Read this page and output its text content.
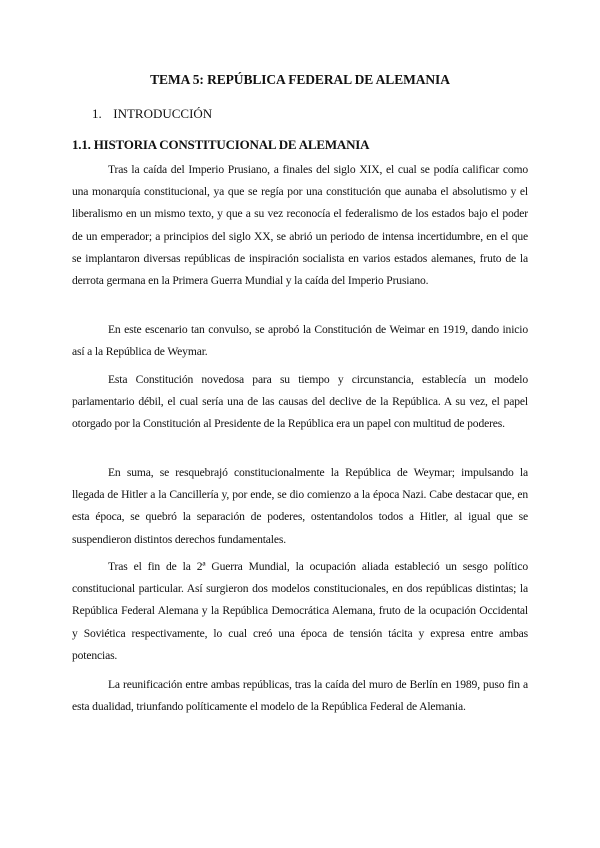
TEMA 5: REPÚBLICA FEDERAL DE ALEMANIA
1. INTRODUCCIÓN
1.1. HISTORIA CONSTITUCIONAL DE ALEMANIA

Tras la caída del Imperio Prusiano, a finales del siglo XIX, el cual se podía calificar como una monarquía constitucional, ya que se regía por una constitución que aunaba el absolutismo y el liberalismo en un mismo texto, y que a su vez reconocía el federalismo de los estados bajo el poder de un emperador; a principios del siglo XX, se abrió un periodo de intensa incertidumbre, en el que se implantaron diversas repúblicas de inspiración socialista en varios estados alemanes, fruto de la derrota germana en la Primera Guerra Mundial y la caída del Imperio Prusiano.

En este escenario tan convulso, se aprobó la Constitución de Weimar en 1919, dando inicio así a la República de Weymar.

Esta Constitución novedosa para su tiempo y circunstancia, establecía un modelo parlamentario débil, el cual sería una de las causas del declive de la República. A su vez, el papel otorgado por la Constitución al Presidente de la República era un papel con multitud de poderes.

En suma, se resquebrajó constitucionalmente la República de Weymar; impulsando la llegada de Hitler a la Cancillería y, por ende, se dio comienzo a la época Nazi. Cabe destacar que, en esta época, se quebró la separación de poderes, ostentandolos todos a Hitler, al igual que se suspendieron distintos derechos fundamentales.

Tras el fin de la 2ª Guerra Mundial, la ocupación aliada estableció un sesgo político constitucional particular. Así surgieron dos modelos constitucionales, en dos repúblicas distintas; la República Federal Alemana y la República Democrática Alemana, fruto de la ocupación Occidental y Soviética respectivamente, lo cual creó una época de tensión tácita y expresa entre ambas potencias.

La reunificación entre ambas repúblicas, tras la caída del muro de Berlín en 1989, puso fin a esta dualidad, triunfando políticamente el modelo de la República Federal de Alemania.
